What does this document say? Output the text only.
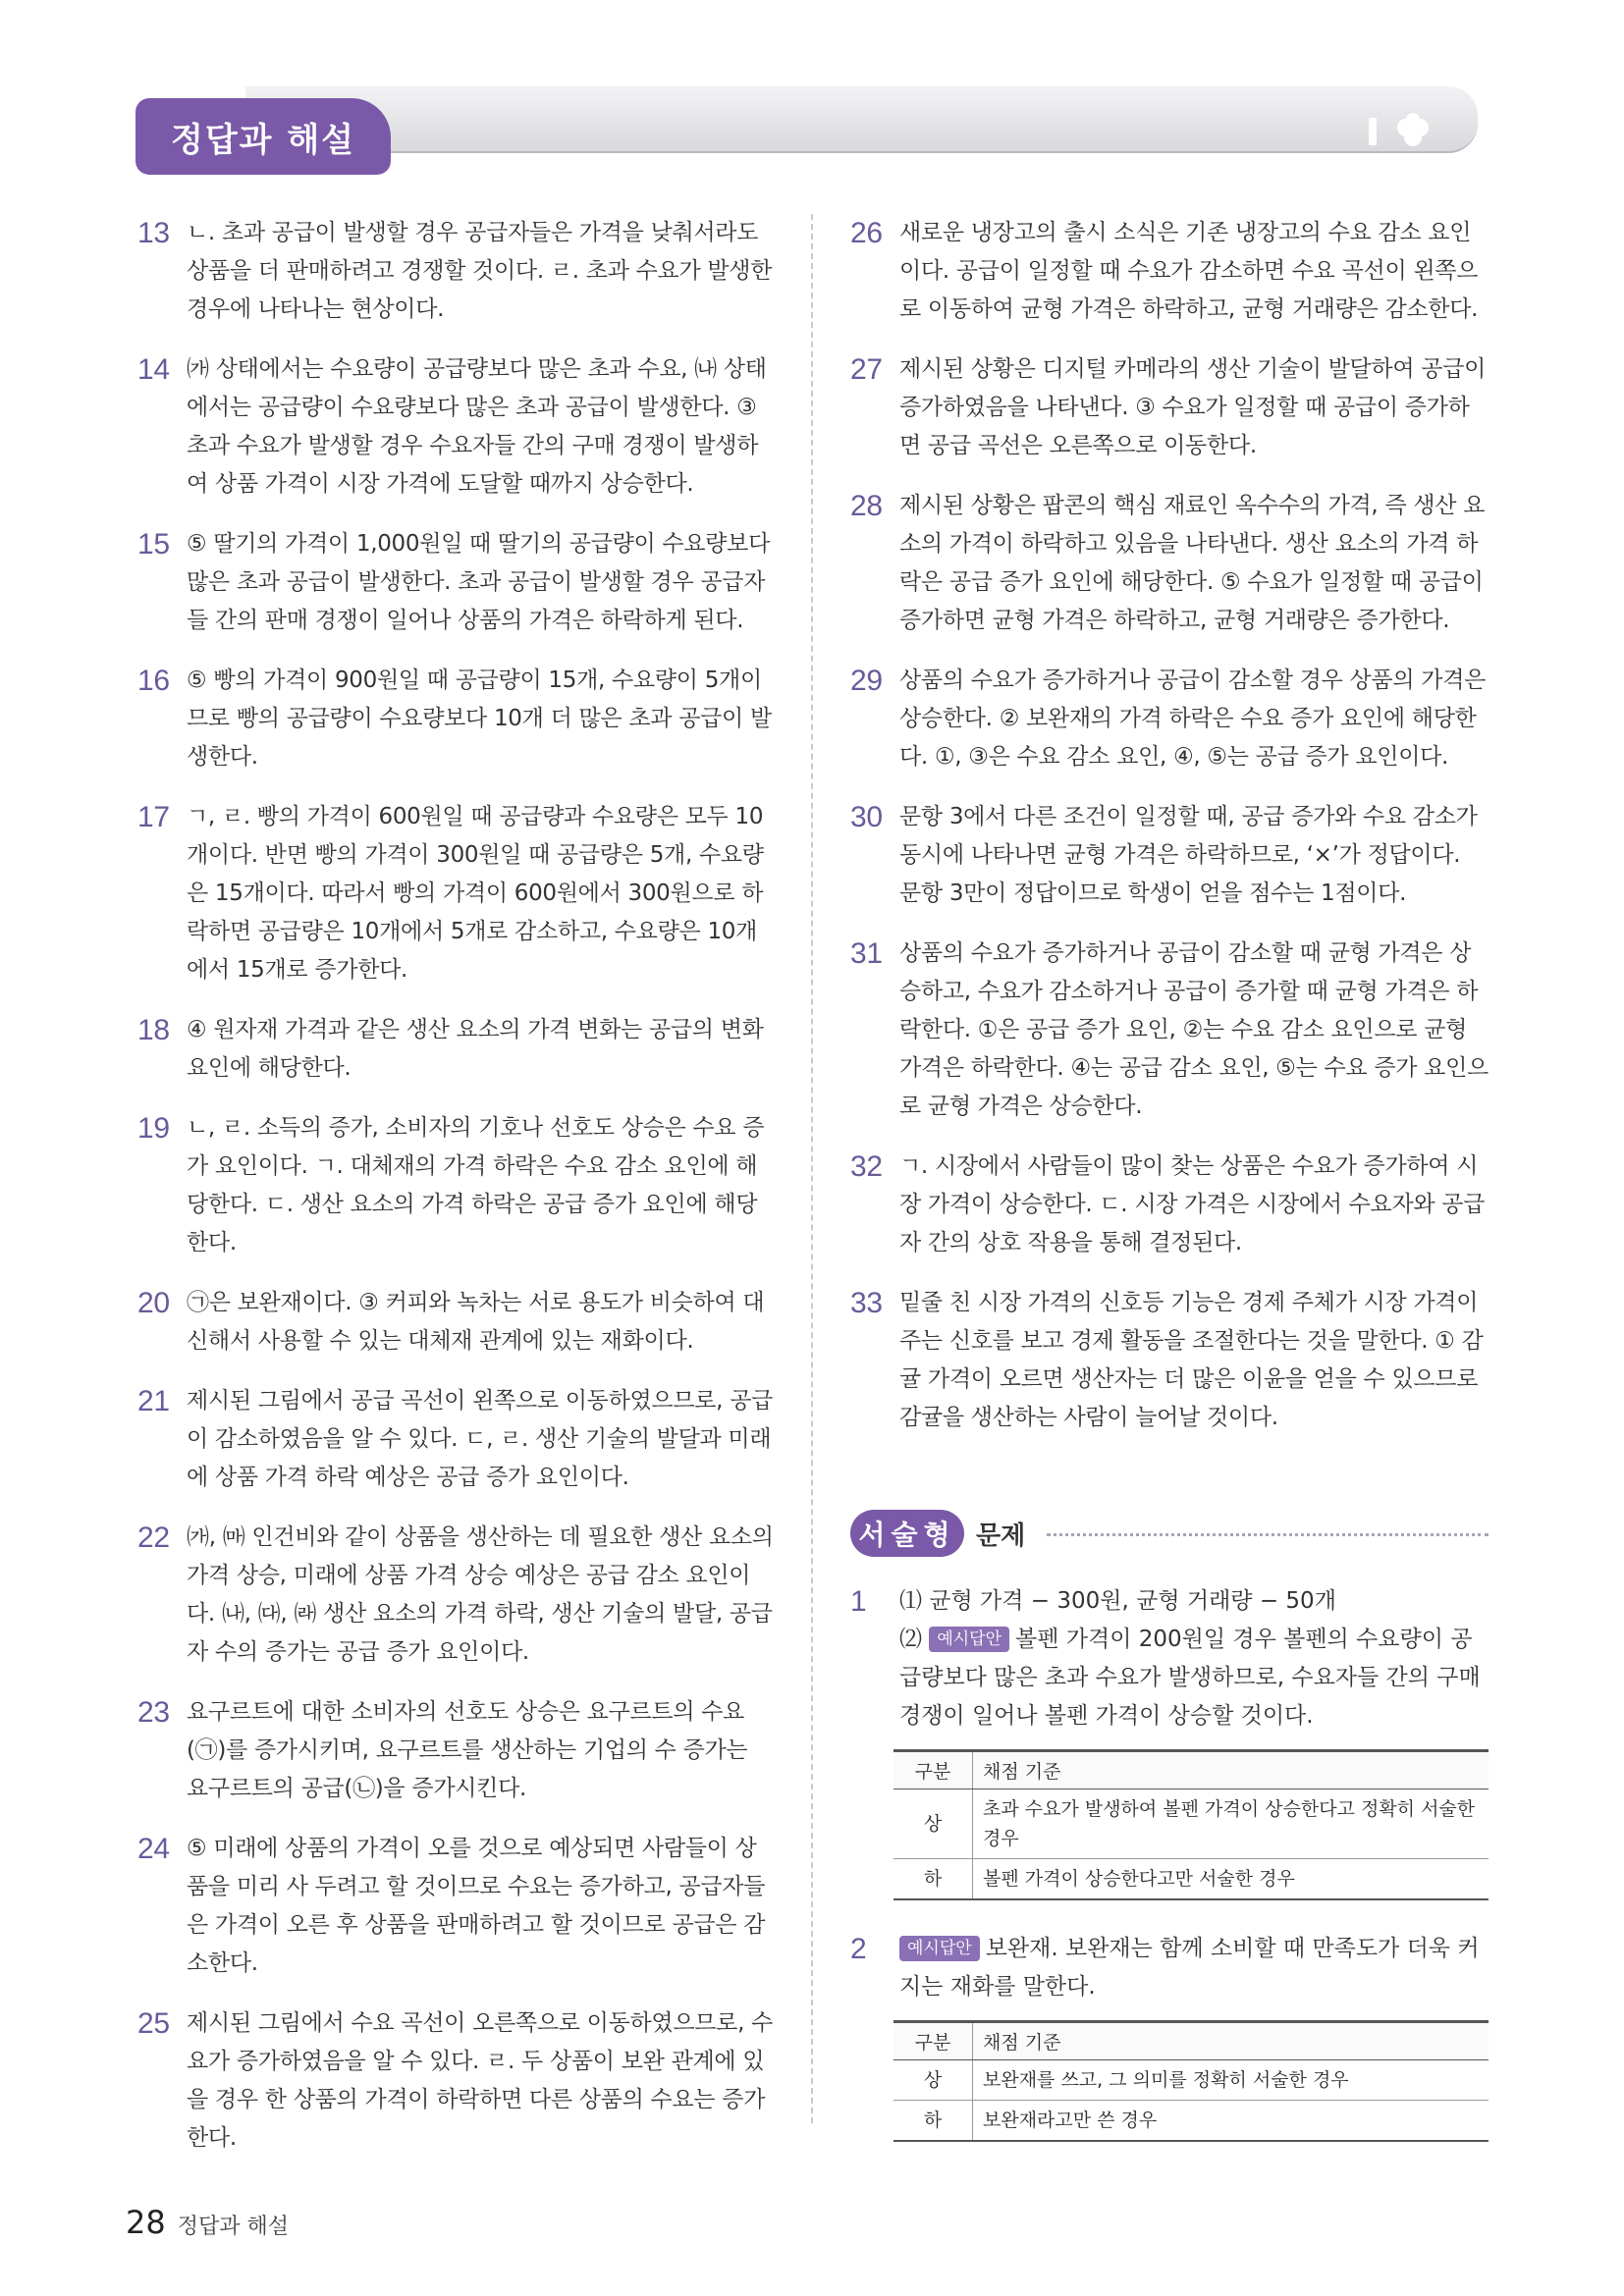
정답과 해설
13 ㄴ. 초과 공급이 발생할 경우 공급자들은 가격을 낮춰서라도 상품을 더 판매하려고 경쟁할 것이다. ㄹ. 초과 수요가 발생한 경우에 나타나는 현상이다.
14 ㈎ 상태에서는 수요량이 공급량보다 많은 초과 수요, ㈏ 상태에서는 공급량이 수요량보다 많은 초과 공급이 발생한다. ③ 초과 수요가 발생할 경우 수요자들 간의 구매 경쟁이 발생하여 상품 가격이 시장 가격에 도달할 때까지 상승한다.
15 ⑤ 딸기의 가격이 1,000원일 때 딸기의 공급량이 수요량보다 많은 초과 공급이 발생한다. 초과 공급이 발생할 경우 공급자들 간의 판매 경쟁이 일어나 상품의 가격은 하락하게 된다.
16 ⑤ 빵의 가격이 900원일 때 공급량이 15개, 수요량이 5개이므로 빵의 공급량이 수요량보다 10개 더 많은 초과 공급이 발생한다.
17 ㄱ, ㄹ. 빵의 가격이 600원일 때 공급량과 수요량은 모두 10개이다. 반면 빵의 가격이 300원일 때 공급량은 5개, 수요량은 15개이다. 따라서 빵의 가격이 600원에서 300원으로 하락하면 공급량은 10개에서 5개로 감소하고, 수요량은 10개에서 15개로 증가한다.
18 ④ 원자재 가격과 같은 생산 요소의 가격 변화는 공급의 변화 요인에 해당한다.
19 ㄴ, ㄹ. 소득의 증가, 소비자의 기호나 선호도 상승은 수요 증가 요인이다. ㄱ. 대체재의 가격 하락은 수요 감소 요인에 해당한다. ㄷ. 생산 요소의 가격 하락은 공급 증가 요인에 해당한다.
20 ㉠은 보완재이다. ③ 커피와 녹차는 서로 용도가 비슷하여 대신해서 사용할 수 있는 대체재 관계에 있는 재화이다.
21 제시된 그림에서 공급 곡선이 왼쪽으로 이동하였으므로, 공급이 감소하였음을 알 수 있다. ㄷ, ㄹ. 생산 기술의 발달과 미래에 상품 가격 하락 예상은 공급 증가 요인이다.
22 ㈎, ㈒ 인건비와 같이 상품을 생산하는 데 필요한 생산 요소의 가격 상승, 미래에 상품 가격 상승 예상은 공급 감소 요인이다. ㈏, ㈐, ㈑ 생산 요소의 가격 하락, 생산 기술의 발달, 공급자 수의 증가는 공급 증가 요인이다.
23 요구르트에 대한 소비자의 선호도 상승은 요구르트의 수요(㉠)를 증가시키며, 요구르트를 생산하는 기업의 수 증가는 요구르트의 공급(㉡)을 증가시킨다.
24 ⑤ 미래에 상품의 가격이 오를 것으로 예상되면 사람들이 상품을 미리 사 두려고 할 것이므로 수요는 증가하고, 공급자들은 가격이 오른 후 상품을 판매하려고 할 것이므로 공급은 감소한다.
25 제시된 그림에서 수요 곡선이 오른쪽으로 이동하였으므로, 수요가 증가하였음을 알 수 있다. ㄹ. 두 상품이 보완 관계에 있을 경우 한 상품의 가격이 하락하면 다른 상품의 수요는 증가한다.
26 새로운 냉장고의 출시 소식은 기존 냉장고의 수요 감소 요인이다. 공급이 일정할 때 수요가 감소하면 수요 곡선이 왼쪽으로 이동하여 균형 가격은 하락하고, 균형 거래량은 감소한다.
27 제시된 상황은 디지털 카메라의 생산 기술이 발달하여 공급이 증가하였음을 나타낸다. ③ 수요가 일정할 때 공급이 증가하면 공급 곡선은 오른쪽으로 이동한다.
28 제시된 상황은 팝콘의 핵심 재료인 옥수수의 가격, 즉 생산 요소의 가격이 하락하고 있음을 나타낸다. 생산 요소의 가격 하락은 공급 증가 요인에 해당한다. ⑤ 수요가 일정할 때 공급이 증가하면 균형 가격은 하락하고, 균형 거래량은 증가한다.
29 상품의 수요가 증가하거나 공급이 감소할 경우 상품의 가격은 상승한다. ② 보완재의 가격 하락은 수요 증가 요인에 해당한다. ①, ③은 수요 감소 요인, ④, ⑤는 공급 증가 요인이다.
30 문항 3에서 다른 조건이 일정할 때, 공급 증가와 수요 감소가 동시에 나타나면 균형 가격은 하락하므로, ‘×’가 정답이다. 문항 3만이 정답이므로 학생이 얻을 점수는 1점이다.
31 상품의 수요가 증가하거나 공급이 감소할 때 균형 가격은 상승하고, 수요가 감소하거나 공급이 증가할 때 균형 가격은 하락한다. ①은 공급 증가 요인, ②는 수요 감소 요인으로 균형 가격은 하락한다. ④는 공급 감소 요인, ⑤는 수요 증가 요인으로 균형 가격은 상승한다.
32 ㄱ. 시장에서 사람들이 많이 찾는 상품은 수요가 증가하여 시장 가격이 상승한다. ㄷ. 시장 가격은 시장에서 수요자와 공급자 간의 상호 작용을 통해 결정된다.
33 밑줄 친 시장 가격의 신호등 기능은 경제 주체가 시장 가격이 주는 신호를 보고 경제 활동을 조절한다는 것을 말한다. ① 감귤 가격이 오르면 생산자는 더 많은 이윤을 얻을 수 있으므로 감귤을 생산하는 사람이 늘어날 것이다.
서술형 문제
1 ⑴ 균형 가격 − 300원, 균형 거래량 − 50개
⑵ 예시답안 볼펜 가격이 200원일 경우 볼펜의 수요량이 공급량보다 많은 초과 수요가 발생하므로, 수요자들 간의 구매 경쟁이 일어나 볼펜 가격이 상승할 것이다.
구분	채점 기준
상	초과 수요가 발생하여 볼펜 가격이 상승한다고 정확히 서술한 경우
하	볼펜 가격이 상승한다고만 서술한 경우
2 예시답안 보완재. 보완재는 함께 소비할 때 만족도가 더욱 커지는 재화를 말한다.
구분	채점 기준
상	보완재를 쓰고, 그 의미를 정확히 서술한 경우
하	보완재라고만 쓴 경우
28 정답과 해설
